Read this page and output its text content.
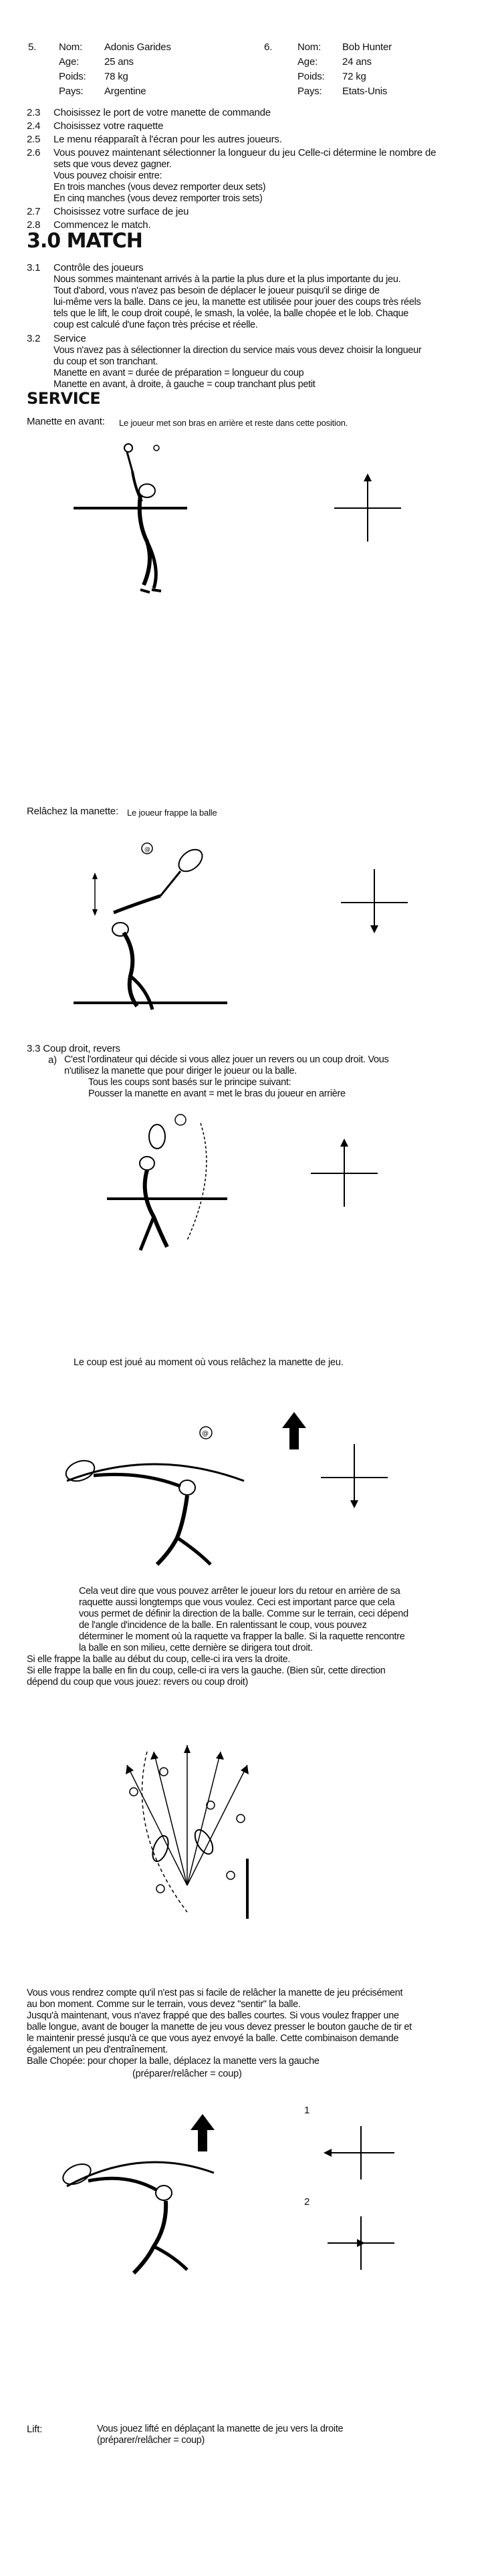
5. Nom: Adonis Garides
Age:	25 ans
Poids: 78 kg
Pays: Argentine
6.	Nom: Bob Hunter
Age: 24 ans
Poids: 72 kg
Pays: Etats-Unis
2.3 Choisissez le port de votre manette de commande
2.4 Choisissez votre raquette
2.5 Le menu réapparaît à l'écran pour les autres joueurs.
2.6 Vous pouvez maintenant sélectionner la longueur du jeu Celle-ci détermine le nombre de
sets que vous devez gagner.
Vous pouvez choisir entre:
En trois manches (vous devez remporter deux sets)
En cinq manches (vous devez remporter trois sets)
2.7 Choisissez votre surface de jeu
2.8 Commencez le match.
3.0 MATCH
3.1 Contrôle des joueurs
Nous sommes maintenant arrivés à la partie la plus dure et la plus importante du jeu.
Tout d'abord, vous n'avez pas besoin de déplacer le joueur puisqu'il se dirige de
lui-même vers la balle. Dans ce jeu, la manette est utilisée pour jouer des coups très réels
tels que le lift, le coup droit coupé, le smash, la volée, la balle chopée et le lob. Chaque
coup est calculé d'une façon très précise et réelle.
3.2 Service
Vous n'avez pas à sélectionner la direction du service mais vous devez choisir la longueur
du coup et son tranchant.
Manette en avant = durée de préparation = longueur du coup
Manette en avant, à droite, à gauche = coup tranchant plus petit
SERVICE
Manette en avant: Le joueur met son bras en arrière et reste dans cette position.
Relâchez la manette: Le joueur frappe la balle
@
3.3 Coup droit, revers
a) C'est l'ordinateur qui décide si vous allez jouer un revers ou un coup droit. Vous
n'utilisez la manette que pour diriger le joueur ou la balle.
Tous les coups sont basés sur le principe suivant:
Pousser la manette en avant = met le bras du joueur en arrière
Le coup est joué au moment où vous relâchez la manette de jeu.
@
Cela veut dire que vous pouvez arrêter le joueur lors du retour en arrière de sa
raquette aussi longtemps que vous voulez. Ceci est important parce que cela
vous permet de définir la direction de la balle. Comme sur le terrain, ceci dépend
de l'angle d'incidence de la balle. En ralentissant le coup, vous pouvez
déterminer le moment où la raquette va frapper la balle. Si la raquette rencontre
la balle en son milieu, cette dernière se dirigera tout droit.
Si elle frappe la balle au début du coup, celle-ci ira vers la droite.
Si elle frappe la balle en fin du coup, celle-ci ira vers la gauche. (Bien sûr, cette direction
dépend du coup que vous jouez: revers ou coup droit)
Vous vous rendrez compte qu'il n'est pas si facile de relâcher la manette de jeu précisément
au bon moment. Comme sur le terrain, vous devez "sentir" la balle.
Jusqu'à maintenant, vous n'avez frappé que des balles courtes. Si vous voulez frapper une
balle longue, avant de bouger la manette de jeu vous devez presser le bouton gauche de tir et
le maintenir pressé jusqu'à ce que vous ayez envoyé la balle. Cette combinaison demande
également un peu d'entraînement.
Balle Chopée: pour choper la balle, déplacez la manette vers la gauche
(préparer/relâcher = coup)
1
2
Lift:	Vous jouez lifté en déplaçant la manette de jeu vers la droite
(préparer/relâcher = coup)
